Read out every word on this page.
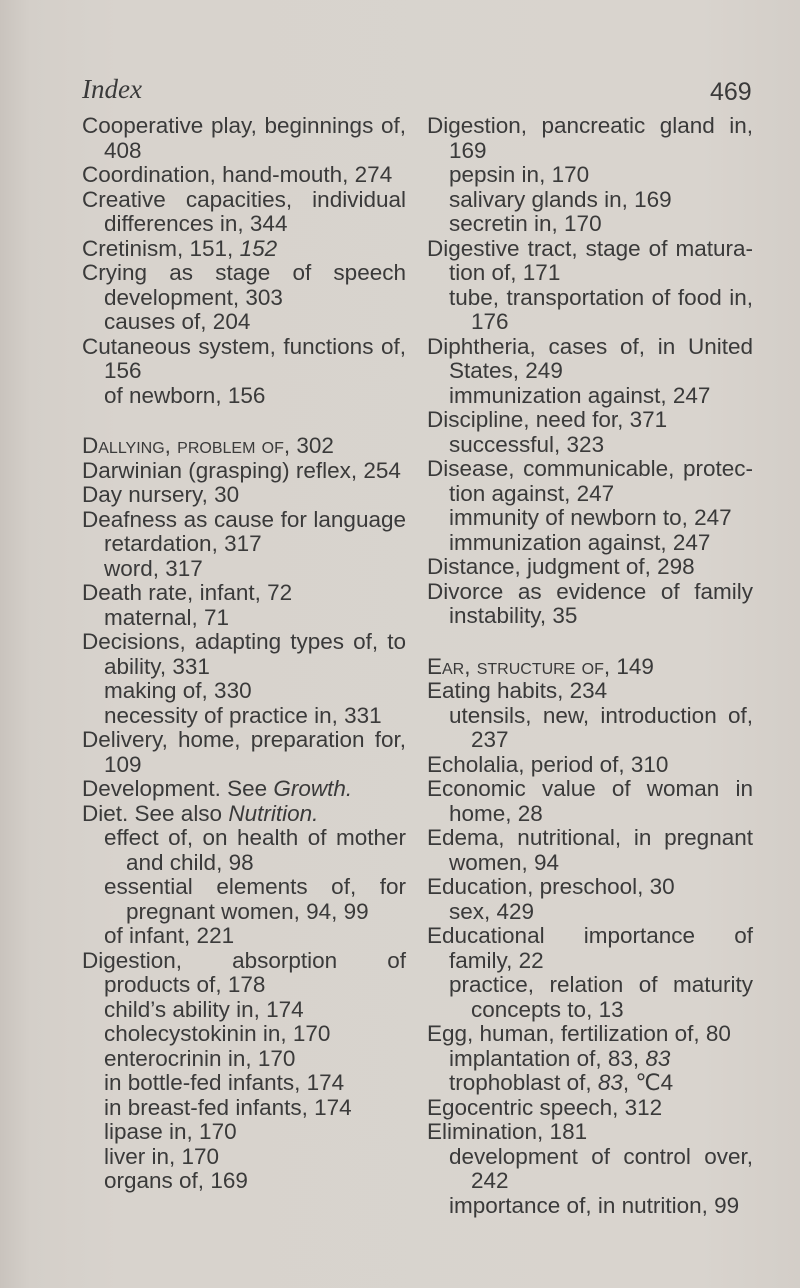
Index	469
Cooperative play, beginnings of, 408
Coordination, hand-mouth, 274
Creative capacities, individual differences in, 344
Cretinism, 151, 152
Crying as stage of speech development, 303
causes of, 204
Cutaneous system, functions of, 156
of newborn, 156
Dallying, problem of, 302
Darwinian (grasping) reflex, 254
Day nursery, 30
Deafness as cause for language retardation, 317
word, 317
Death rate, infant, 72
maternal, 71
Decisions, adapting types of, to ability, 331
making of, 330
necessity of practice in, 331
Delivery, home, preparation for, 109
Development. See Growth.
Diet. See also Nutrition.
effect of, on health of mother and child, 98
essential elements of, for pregnant women, 94, 99
of infant, 221
Digestion, absorption of products of, 178
child’s ability in, 174
cholecystokinin in, 170
enterocrinin in, 170
in bottle-fed infants, 174
in breast-fed infants, 174
lipase in, 170
liver in, 170
organs of, 169
Digestion, pancreatic gland in, 169
pepsin in, 170
salivary glands in, 169
secretin in, 170
Digestive tract, stage of maturation of, 171
tube, transportation of food in, 176
Diphtheria, cases of, in United States, 249
immunization against, 247
Discipline, need for, 371
successful, 323
Disease, communicable, protection against, 247
immunity of newborn to, 247
immunization against, 247
Distance, judgment of, 298
Divorce as evidence of family instability, 35
Ear, structure of, 149
Eating habits, 234
utensils, new, introduction of, 237
Echolalia, period of, 310
Economic value of woman in home, 28
Edema, nutritional, in pregnant women, 94
Education, preschool, 30
sex, 429
Educational importance of family, 22
practice, relation of maturity concepts to, 13
Egg, human, fertilization of, 80
implantation of, 83, 83
trophoblast of, 83, ℃4
Egocentric speech, 312
Elimination, 181
development of control over, 242
importance of, in nutrition, 99
